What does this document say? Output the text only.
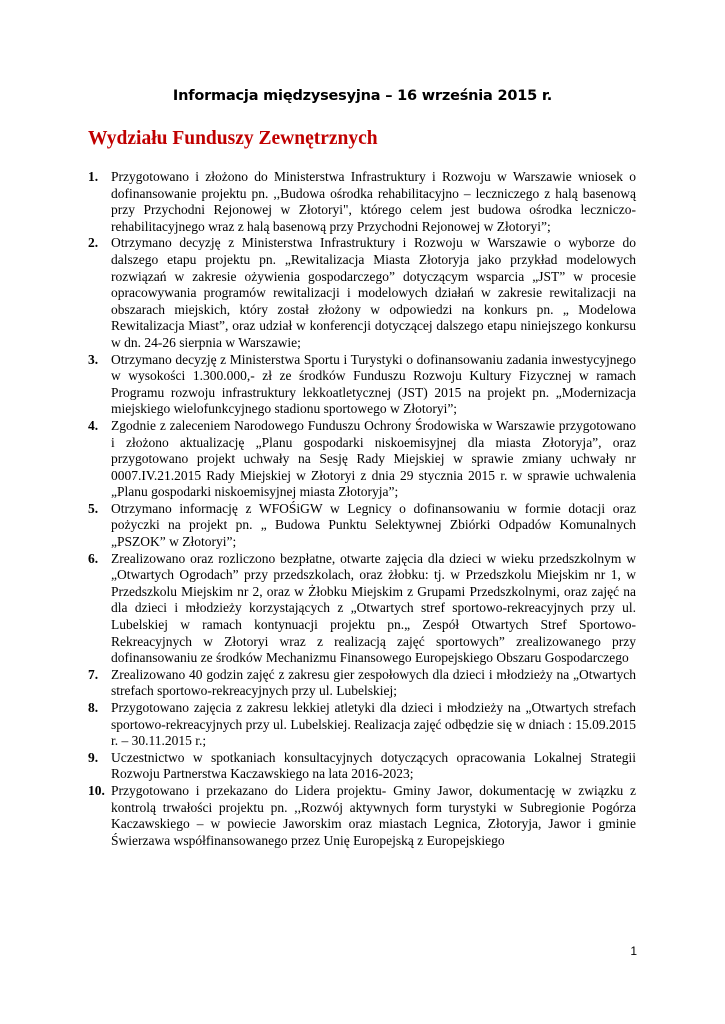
Informacja międzysesyjna – 16 września 2015 r.
Wydziału Funduszy Zewnętrznych
1. Przygotowano i złożono do Ministerstwa Infrastruktury i Rozwoju w Warszawie wniosek o dofinansowanie projektu pn. ,,Budowa ośrodka rehabilitacyjno – leczniczego z halą basenową przy Przychodni Rejonowej w Złotoryi", którego celem jest budowa ośrodka leczniczo-rehabilitacyjnego wraz z halą basenową przy Przychodni Rejonowej w Złotoryi”;
2. Otrzymano decyzję z Ministerstwa Infrastruktury i Rozwoju w Warszawie o wyborze do dalszego etapu projektu pn. „Rewitalizacja Miasta Złotoryja jako przykład modelowych rozwiązań w zakresie ożywienia gospodarczego” dotyczącym wsparcia „JST” w procesie opracowywania programów rewitalizacji i modelowych działań w zakresie rewitalizacji na obszarach miejskich, który został złożony w odpowiedzi na konkurs pn. „ Modelowa Rewitalizacja Miast”, oraz udział w konferencji dotyczącej dalszego etapu niniejszego konkursu w dn. 24-26 sierpnia w Warszawie;
3. Otrzymano decyzję z Ministerstwa Sportu i Turystyki o dofinansowaniu zadania inwestycyjnego w wysokości 1.300.000,- zł ze środków Funduszu Rozwoju Kultury Fizycznej w ramach Programu rozwoju infrastruktury lekkoatletycznej (JST) 2015 na projekt pn. „Modernizacja miejskiego wielofunkcyjnego stadionu sportowego w Złotoryi”;
4. Zgodnie z zaleceniem Narodowego Funduszu Ochrony Środowiska w Warszawie przygotowano i złożono aktualizację „Planu gospodarki niskoemisyjnej dla miasta Złotoryja”, oraz przygotowano projekt uchwały na Sesję Rady Miejskiej w sprawie zmiany uchwały nr 0007.IV.21.2015 Rady Miejskiej w Złotoryi z dnia 29 stycznia 2015 r. w sprawie uchwalenia „Planu gospodarki niskoemisyjnej miasta Złotoryja”;
5. Otrzymano informację z WFOŚiGW w Legnicy o dofinansowaniu w formie dotacji oraz pożyczki na projekt pn. „ Budowa Punktu Selektywnej Zbiórki Odpadów Komunalnych „PSZOK” w Złotoryi”;
6. Zrealizowano oraz rozliczono bezpłatne, otwarte zajęcia dla dzieci w wieku przedszkolnym w „Otwartych Ogrodach” przy przedszkolach, oraz żłobku: tj. w Przedszkolu Miejskim nr 1, w Przedszkolu Miejskim nr 2, oraz w Żłobku Miejskim z Grupami Przedszkolnymi, oraz zajęć na dla dzieci i młodzieży korzystających z „Otwartych stref sportowo-rekreacyjnych przy ul. Lubelskiej w ramach kontynuacji projektu pn.„ Zespół Otwartych Stref Sportowo-Rekreacyjnych w Złotoryi wraz z realizacją zajęć sportowych” zrealizowanego przy dofinansowaniu ze środków Mechanizmu Finansowego Europejskiego Obszaru Gospodarczego
7. Zrealizowano 40 godzin zajęć z zakresu gier zespołowych dla dzieci i młodzieży na „Otwartych strefach sportowo-rekreacyjnych przy ul. Lubelskiej;
8. Przygotowano zajęcia z zakresu lekkiej atletyki dla dzieci i młodzieży na „Otwartych strefach sportowo-rekreacyjnych przy ul. Lubelskiej. Realizacja zajęć odbędzie się w dniach : 15.09.2015 r. – 30.11.2015 r.;
9. Uczestnictwo w spotkaniach konsultacyjnych dotyczących opracowania Lokalnej Strategii Rozwoju Partnerstwa Kaczawskiego na lata 2016-2023;
10. Przygotowano i przekazano do Lidera projektu- Gminy Jawor, dokumentację w związku z kontrolą trwałości projektu pn. ,,Rozwój aktywnych form turystyki w Subregionie Pogórza Kaczawskiego – w powiecie Jaworskim oraz miastach Legnica, Złotoryja, Jawor i gminie Świerzawa współfinansowanego przez Unię Europejską z Europejskiego
1
